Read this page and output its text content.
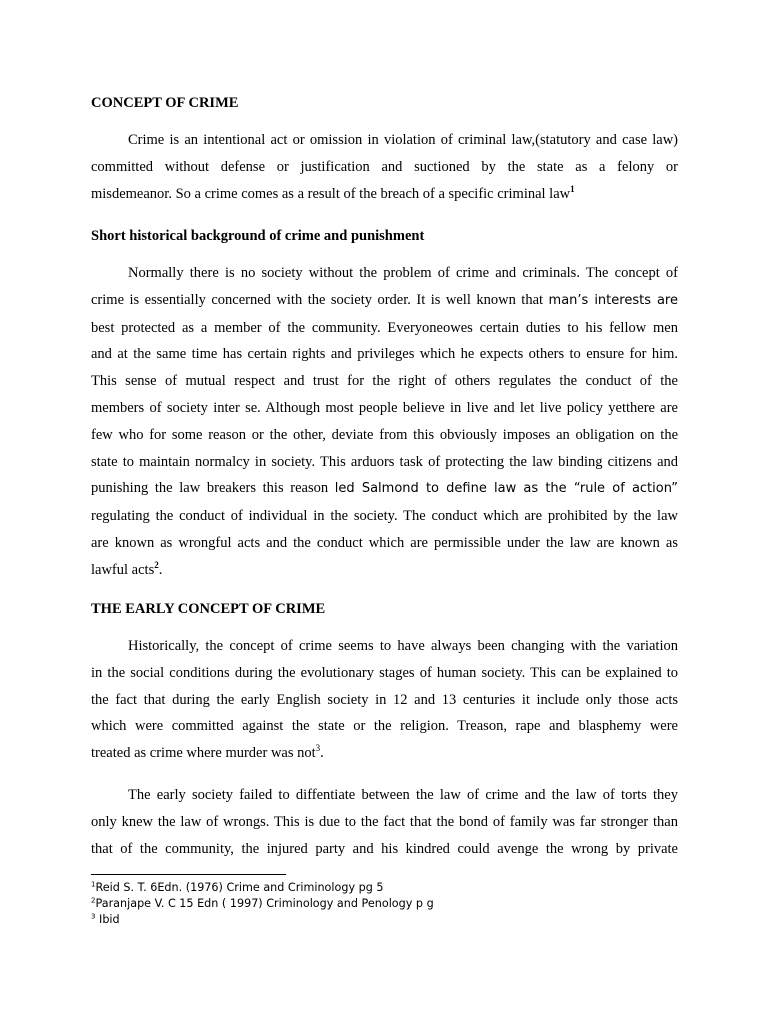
CONCEPT OF CRIME
Crime is an intentional act or omission in violation of criminal law,(statutory and case law)
committed without defense or justification and suctioned by the state as a felony or
misdemeanor. So a crime comes as a result of the breach of a specific criminal law$^1$
Short historical background of crime and punishment
Normally there is no society without the problem of crime and criminals. The concept of
crime is essentially concerned with the society order. It is well known that man’s interests are
best protected as a member of the community. Everyoneowes certain duties to his fellow men
and at the same time has certain rights and privileges which he expects others to ensure for him.
This sense of mutual respect and trust for the right of others regulates the conduct of the
members of society inter se. Although most people believe in live and let live policy yetthere are
few who for some reason or the other, deviate from this obviously imposes an obligation on the
state to maintain normalcy in society. This arduors task of protecting the law binding citizens and
punishing the law breakers this reason led Salmond to define law as the “rule of action”
regulating the conduct of individual in the society. The conduct which are prohibited by the law
are known as wrongful acts and the conduct which are permissible under the law are known as
lawful acts$^2$.
THE EARLY CONCEPT OF CRIME
Historically, the concept of crime seems to have always been changing with the variation
in the social conditions during the evolutionary stages of human society. This can be explained to
the fact that during the early English society in 12 and 13 centuries it include only those acts
which were committed against the state or the religion. Treason, rape and blasphemy were
treated as crime where murder was not$^3$.
The early society failed to diffentiate between the law of crime and the law of torts they
only knew the law of wrongs. This is due to the fact that the bond of family was far stronger than
that of the community, the injured party and his kindred could avenge the wrong by private
$^1$Reid S. T. 6Edn. (1976) Crime and Criminology pg 5
$^2$Paranjape V. C 15 Edn ( 1997) Criminology and Penology p g
$^3$ Ibid
